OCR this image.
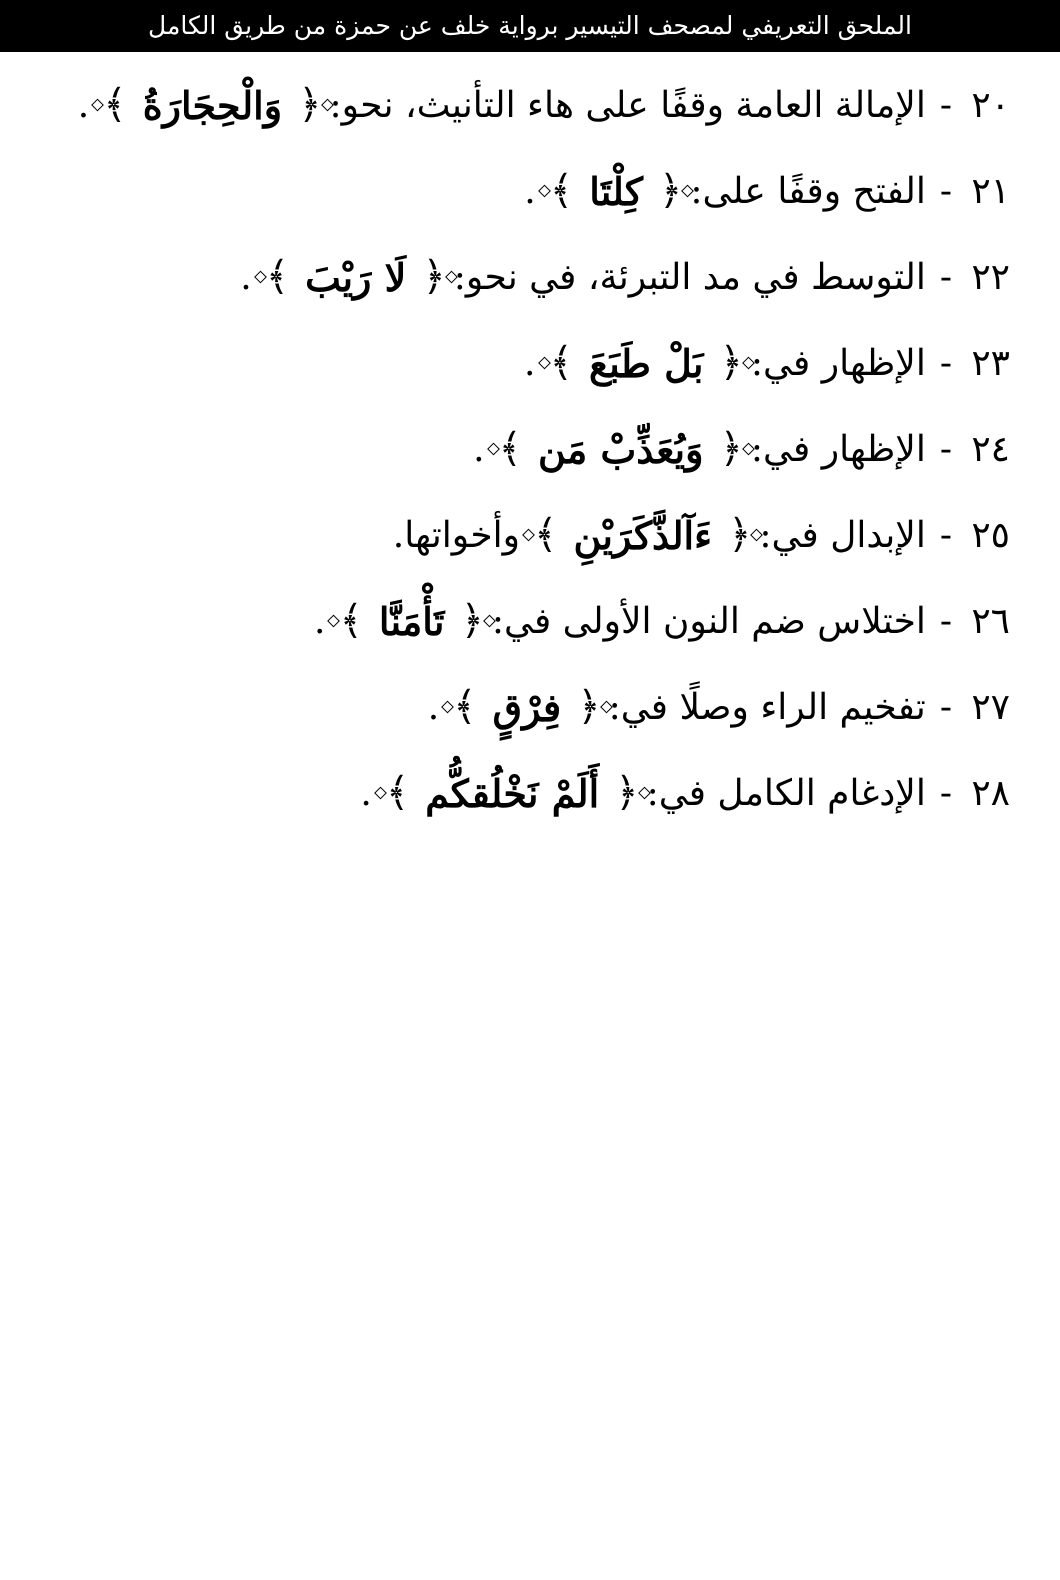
الملحق التعريفي لمصحف التيسير برواية خلف عن حمزة من طريق الكامل
٢٠
-
الإمالة العامة وقفًا على هاء التأنيث، نحو:
﴿
وَالْحِجَارَةُ
﴾
.
٢١
-
الفتح وقفًا على:
﴿
كِلْتَا
﴾
.
٢٢
-
التوسط في مد التبرئة، في نحو:
﴿
لَا رَيْبَ
﴾
.
٢٣
-
الإظهار في:
﴿
بَلْ طَبَعَ
﴾
.
٢٤
-
الإظهار في:
﴿
وَيُعَذِّبْ مَن
﴾
.
٢٥
-
الإبدال في:
﴿
ءَآلذَّكَرَيْنِ
﴾
وأخواتها.
٢٦
-
اختلاس ضم النون الأولى في:
﴿
تَأْمَنَّا
﴾
.
٢٧
-
تفخيم الراء وصلًا في:
﴿
فِرْقٍ
﴾
.
٢٨
-
الإدغام الكامل في:
﴿
أَلَمْ نَخْلُقكُّم
﴾
.
